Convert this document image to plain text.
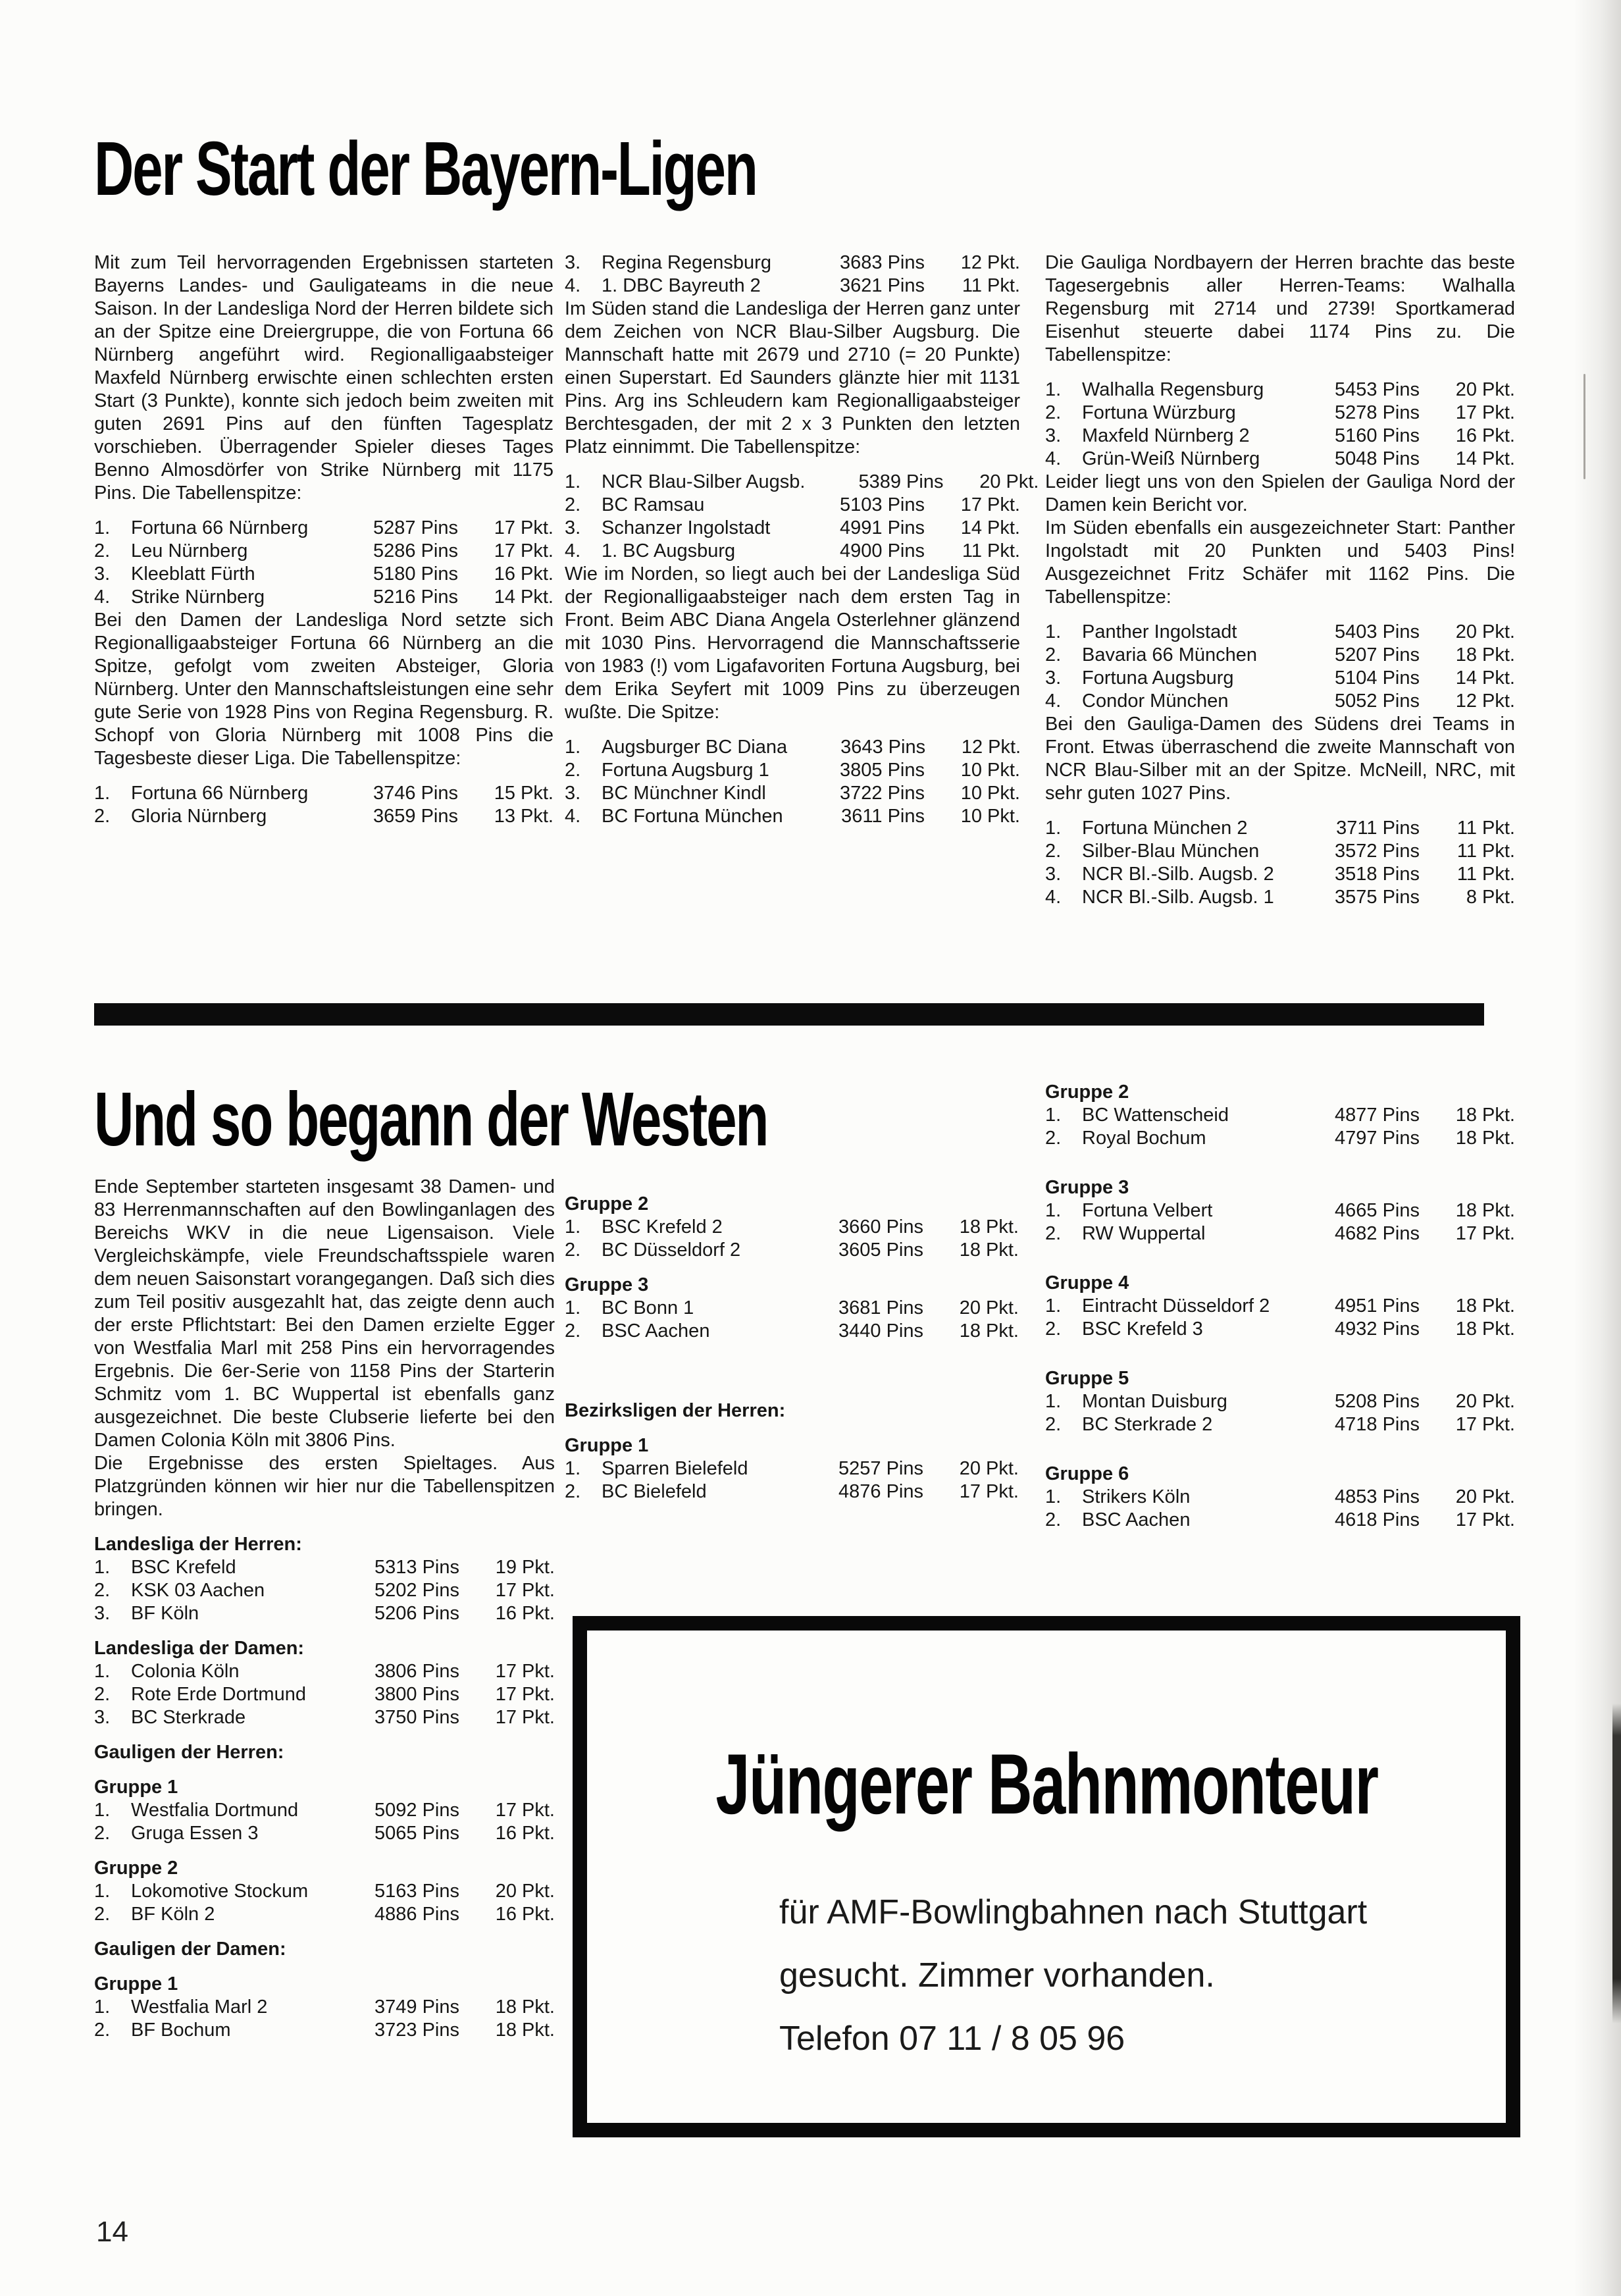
Der Start der Bayern-Ligen

Mit zum Teil hervorragenden Ergebnissen starteten Bayerns Landes- und Gauligateams in die neue Saison. In der Landesliga Nord der Herren bildete sich an der Spitze eine Dreiergruppe, die von Fortuna 66 Nürnberg angeführt wird. Regionalligaabsteiger Maxfeld Nürnberg erwischte einen schlechten ersten Start (3 Punkte), konnte sich jedoch beim zweiten mit guten 2691 Pins auf den fünften Tagesplatz vorschieben. Überragender Spieler dieses Tages Benno Almosdörfer von Strike Nürnberg mit 1175 Pins. Die Tabellenspitze:

1.	Fortuna 66 Nürnberg	5287 Pins	17 Pkt.
2.	Leu Nürnberg	5286 Pins	17 Pkt.
3.	Kleeblatt Fürth	5180 Pins	16 Pkt.
4.	Strike Nürnberg	5216 Pins	14 Pkt.

Bei den Damen der Landesliga Nord setzte sich Regionalligaabsteiger Fortuna 66 Nürnberg an die Spitze, gefolgt vom zweiten Absteiger, Gloria Nürnberg. Unter den Mannschaftsleistungen eine sehr gute Serie von 1928 Pins von Regina Regensburg. R. Schopf von Gloria Nürnberg mit 1008 Pins die Tagesbeste dieser Liga. Die Tabellenspitze:

1.	Fortuna 66 Nürnberg	3746 Pins	15 Pkt.
2.	Gloria Nürnberg	3659 Pins	13 Pkt.
3.	Regina Regensburg	3683 Pins	12 Pkt.
4.	1. DBC Bayreuth 2	3621 Pins	11 Pkt.

Im Süden stand die Landesliga der Herren ganz unter dem Zeichen von NCR Blau-Silber Augsburg. Die Mannschaft hatte mit 2679 und 2710 (= 20 Punkte) einen Superstart. Ed Saunders glänzte hier mit 1131 Pins. Arg ins Schleudern kam Regionalligaabsteiger Berchtesgaden, der mit 2 x 3 Punkten den letzten Platz einnimmt. Die Tabellenspitze:

1.	NCR Blau-Silber Augsb.	5389 Pins	20 Pkt.
2.	BC Ramsau	5103 Pins	17 Pkt.
3.	Schanzer Ingolstadt	4991 Pins	14 Pkt.
4.	1. BC Augsburg	4900 Pins	11 Pkt.

Wie im Norden, so liegt auch bei der Landesliga Süd der Regionalligaabsteiger nach dem ersten Tag in Front. Beim ABC Diana Angela Osterlehner glänzend mit 1030 Pins. Hervorragend die Mannschaftsserie von 1983 (!) vom Ligafavoriten Fortuna Augsburg, bei dem Erika Seyfert mit 1009 Pins zu überzeugen wußte. Die Spitze:

1.	Augsburger BC Diana	3643 Pins	12 Pkt.
2.	Fortuna Augsburg 1	3805 Pins	10 Pkt.
3.	BC Münchner Kindl	3722 Pins	10 Pkt.
4.	BC Fortuna München	3611 Pins	10 Pkt.

Die Gauliga Nordbayern der Herren brachte das beste Tagesergebnis aller Herren-Teams: Walhalla Regensburg mit 2714 und 2739! Sportkamerad Eisenhut steuerte dabei 1174 Pins zu. Die Tabellenspitze:

1.	Walhalla Regensburg	5453 Pins	20 Pkt.
2.	Fortuna Würzburg	5278 Pins	17 Pkt.
3.	Maxfeld Nürnberg 2	5160 Pins	16 Pkt.
4.	Grün-Weiß Nürnberg	5048 Pins	14 Pkt.

Leider liegt uns von den Spielen der Gauliga Nord der Damen kein Bericht vor.

Im Süden ebenfalls ein ausgezeichneter Start: Panther Ingolstadt mit 20 Punkten und 5403 Pins! Ausgezeichnet Fritz Schäfer mit 1162 Pins. Die Tabellenspitze:

1.	Panther Ingolstadt	5403 Pins	20 Pkt.
2.	Bavaria 66 München	5207 Pins	18 Pkt.
3.	Fortuna Augsburg	5104 Pins	14 Pkt.
4.	Condor München	5052 Pins	12 Pkt.

Bei den Gauliga-Damen des Südens drei Teams in Front. Etwas überraschend die zweite Mannschaft von NCR Blau-Silber mit an der Spitze. McNeill, NRC, mit sehr guten 1027 Pins.

1.	Fortuna München 2	3711 Pins	11 Pkt.
2.	Silber-Blau München	3572 Pins	11 Pkt.
3.	NCR Bl.-Silb. Augsb. 2	3518 Pins	11 Pkt.
4.	NCR Bl.-Silb. Augsb. 1	3575 Pins	8 Pkt.
Und so begann der Westen

Ende September starteten insgesamt 38 Damen- und 83 Herrenmannschaften auf den Bowlinganlagen des Bereichs WKV in die neue Ligensaison. Viele Vergleichskämpfe, viele Freundschaftsspiele waren dem neuen Saisonstart vorangegangen. Daß sich dies zum Teil positiv ausgezahlt hat, das zeigte denn auch der erste Pflichtstart: Bei den Damen erzielte Egger von Westfalia Marl mit 258 Pins ein hervorragendes Ergebnis. Die 6er-Serie von 1158 Pins der Starterin Schmitz vom 1. BC Wuppertal ist ebenfalls ganz ausgezeichnet. Die beste Clubserie lieferte bei den Damen Colonia Köln mit 3806 Pins.

Die Ergebnisse des ersten Spieltages. Aus Platzgründen können wir hier nur die Tabellenspitzen bringen.

Landesliga der Herren:
1.	BSC Krefeld	5313 Pins	19 Pkt.
2.	KSK 03 Aachen	5202 Pins	17 Pkt.
3.	BF Köln	5206 Pins	16 Pkt.
Landesliga der Damen:
1.	Colonia Köln	3806 Pins	17 Pkt.
2.	Rote Erde Dortmund	3800 Pins	17 Pkt.
3.	BC Sterkrade	3750 Pins	17 Pkt.
Gauligen der Herren:
Gruppe 1
1.	Westfalia Dortmund	5092 Pins	17 Pkt.
2.	Gruga Essen 3	5065 Pins	16 Pkt.
Gruppe 2
1.	Lokomotive Stockum	5163 Pins	20 Pkt.
2.	BF Köln 2	4886 Pins	16 Pkt.
Gauligen der Damen:
Gruppe 1
1.	Westfalia Marl 2	3749 Pins	18 Pkt.
2.	BF Bochum	3723 Pins	18 Pkt.
Gruppe 2
1.	BSC Krefeld 2	3660 Pins	18 Pkt.
2.	BC Düsseldorf 2	3605 Pins	18 Pkt.
Gruppe 3
1.	BC Bonn 1	3681 Pins	20 Pkt.
2.	BSC Aachen	3440 Pins	18 Pkt.
Bezirksligen der Herren:
Gruppe 1
1.	Sparren Bielefeld	5257 Pins	20 Pkt.
2.	BC Bielefeld	4876 Pins	17 Pkt.
Gruppe 2
1.	BC Wattenscheid	4877 Pins	18 Pkt.
2.	Royal Bochum	4797 Pins	18 Pkt.
Gruppe 3
1.	Fortuna Velbert	4665 Pins	18 Pkt.
2.	RW Wuppertal	4682 Pins	17 Pkt.
Gruppe 4
1.	Eintracht Düsseldorf 2	4951 Pins	18 Pkt.
2.	BSC Krefeld 3	4932 Pins	18 Pkt.
Gruppe 5
1.	Montan Duisburg	5208 Pins	20 Pkt.
2.	BC Sterkrade 2	4718 Pins	17 Pkt.
Gruppe 6
1.	Strikers Köln	4853 Pins	20 Pkt.
2.	BSC Aachen	4618 Pins	17 Pkt.
Jüngerer Bahnmonteur
für AMF-Bowlingbahnen nach Stuttgart
gesucht. Zimmer vorhanden.
Telefon 07 11 / 8 05 96
14
